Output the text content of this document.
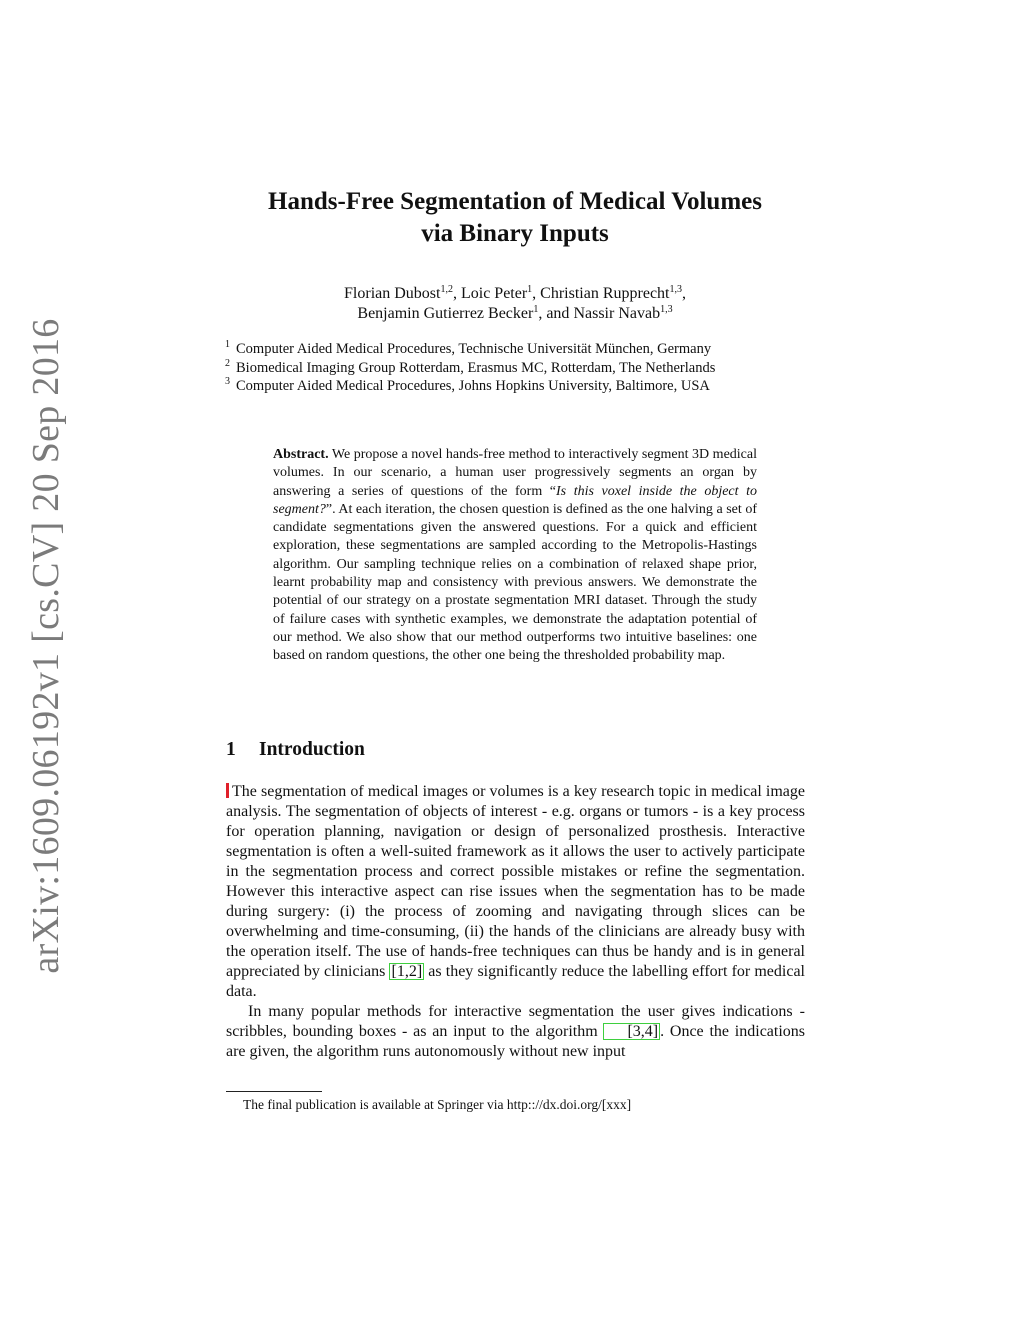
arXiv:1609.06192v1 [cs.CV] 20 Sep 2016
Hands-Free Segmentation of Medical Volumes
via Binary Inputs
Florian Dubost$^{1,2}$, Loic Peter$^1$, Christian Rupprecht$^{1,3}$,
Benjamin Gutierrez Becker$^1$, and Nassir Navab$^{1,3}$
$^1$ Computer Aided Medical Procedures, Technische Universität München, Germany
$^2$ Biomedical Imaging Group Rotterdam, Erasmus MC, Rotterdam, The Netherlands
$^3$ Computer Aided Medical Procedures, Johns Hopkins University, Baltimore, USA
Abstract. We propose a novel hands-free method to interactively segment 3D medical volumes. In our scenario, a human user progressively segments an organ by answering a series of questions of the form “Is this voxel inside the object to segment?”. At each iteration, the chosen question is defined as the one halving a set of candidate segmentations given the answered questions. For a quick and efficient exploration, these segmentations are sampled according to the Metropolis-Hastings algorithm. Our sampling technique relies on a combination of relaxed shape prior, learnt probability map and consistency with previous answers. We demonstrate the potential of our strategy on a prostate segmentation MRI dataset. Through the study of failure cases with synthetic examples, we demonstrate the adaptation potential of our method. We also show that our method outperforms two intuitive baselines: one based on random questions, the other one being the thresholded probability map.
1 Introduction

The segmentation of medical images or volumes is a key research topic in medical image analysis. The segmentation of objects of interest - e.g. organs or tumors - is a key process for operation planning, navigation or design of personalized prosthesis. Interactive segmentation is often a well-suited framework as it allows the user to actively participate in the segmentation process and correct possible mistakes or refine the segmentation. However this interactive aspect can rise issues when the segmentation has to be made during surgery: (i) the process of zooming and navigating through slices can be overwhelming and time-consuming, (ii) the hands of the clinicians are already busy with the operation itself. The use of hands-free techniques can thus be handy and is in general appreciated by clinicians [1,2] as they significantly reduce the labelling effort for medical data.

In many popular methods for interactive segmentation the user gives indications - scribbles, bounding boxes - as an input to the algorithm [3,4] . Once the indications are given, the algorithm runs autonomously without new input

The final publication is available at Springer via http::/​/dx.doi.org/[xxx]
